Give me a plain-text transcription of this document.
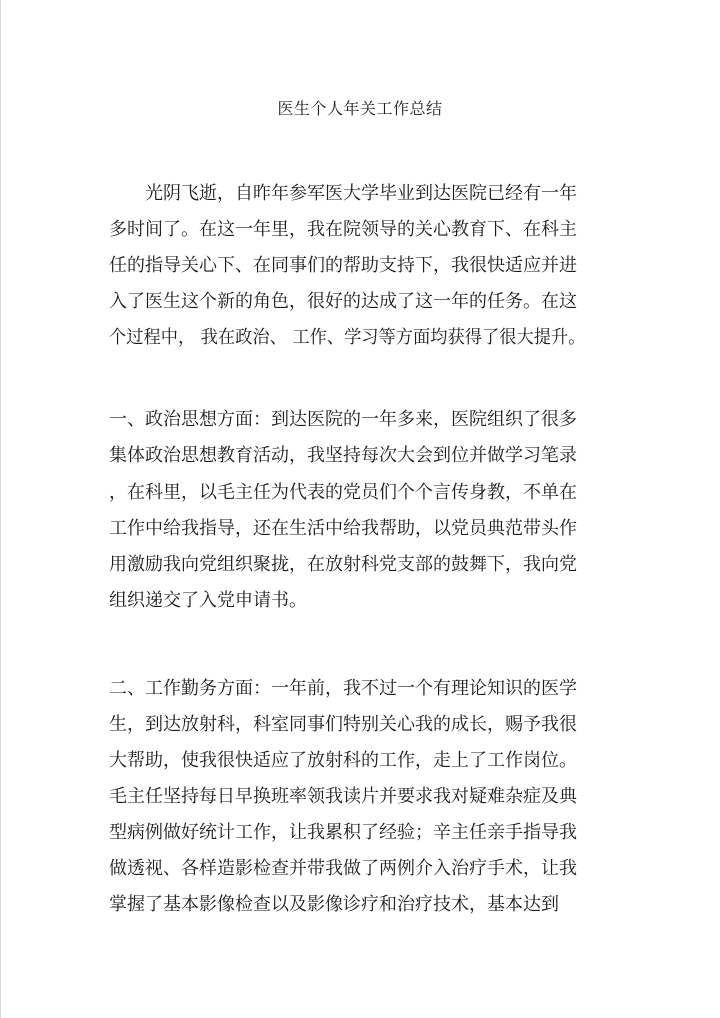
医生个人年关工作总结
光阴飞逝，自昨年参军医大学毕业到达医院已经有一年
多时间了。在这一年里，我在院领导的关心教育下、在科主
任的指导关心下、在同事们的帮助支持下，我很快适应并进
入了医生这个新的角色，很好的达成了这一年的任务。在这
个过程中， 我在政治、 工作、学习等方面均获得了很大提升。
一、政治思想方面：到达医院的一年多来，医院组织了很多
集体政治思想教育活动，我坚持每次大会到位并做学习笔录
，在科里，以毛主任为代表的党员们个个言传身教，不单在
工作中给我指导，还在生活中给我帮助，以党员典范带头作
用激励我向党组织聚拢，在放射科党支部的鼓舞下，我向党
组织递交了入党申请书。
二、工作勤务方面：一年前，我不过一个有理论知识的医学
生，到达放射科，科室同事们特别关心我的成长，赐予我很
大帮助，使我很快适应了放射科的工作，走上了工作岗位。
毛主任坚持每日早换班率领我读片并要求我对疑难杂症及典
型病例做好统计工作，让我累积了经验；辛主任亲手指导我
做透视、各样造影检查并带我做了两例介入治疗手术，让我
掌握了基本影像检查以及影像诊疗和治疗技术，基本达到
